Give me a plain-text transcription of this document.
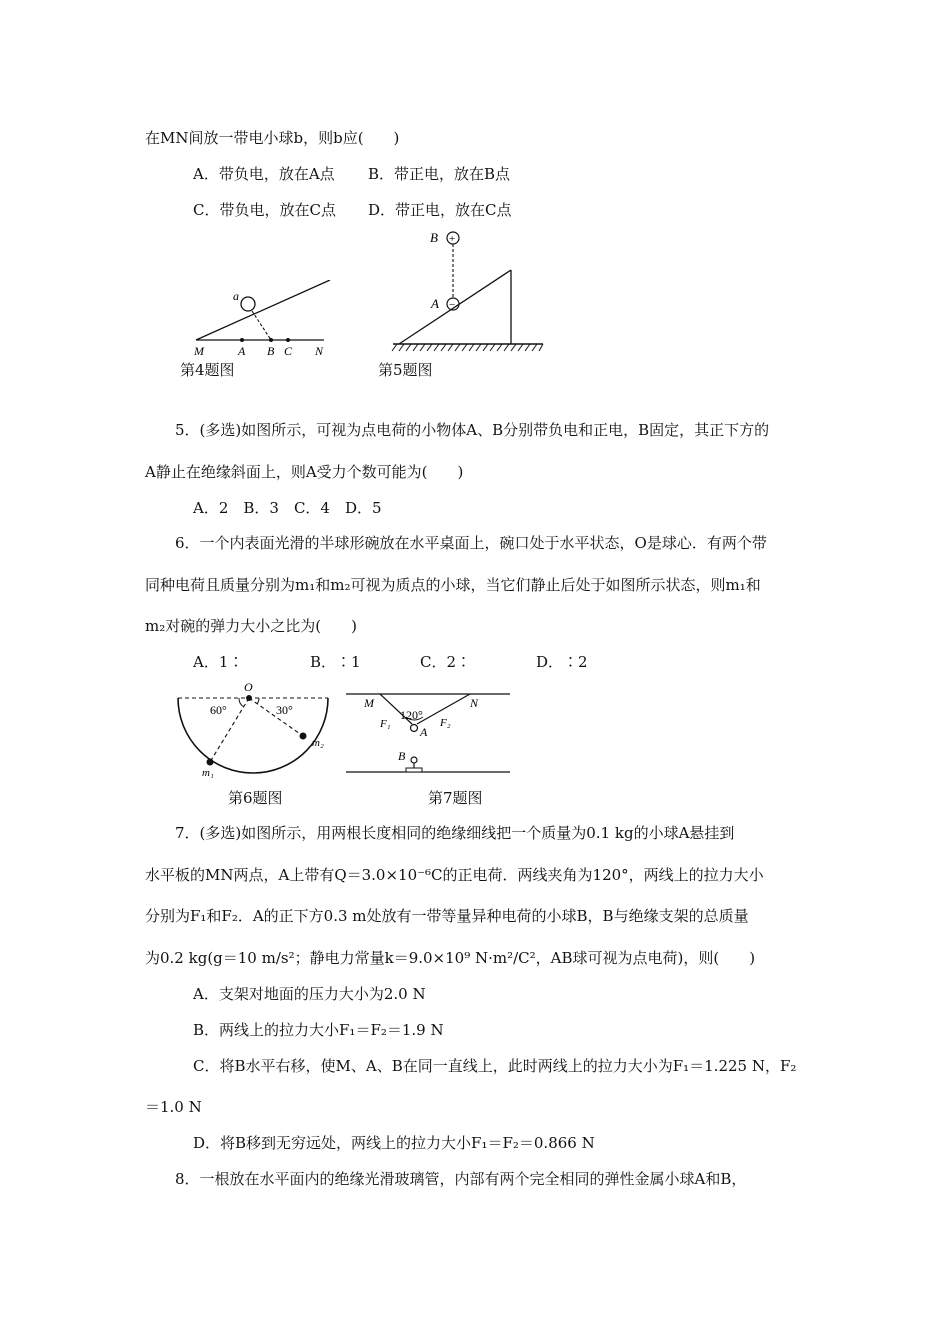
在MN间放一带电小球b，则b应(　　)
A．带负电，放在A点 B．带正电，放在B点
C．带负电，放在C点 D．带正电，放在C点
a
M	A B C N
第4题图
+
−
B
A
第5题图
5．(多选)如图所示，可视为点电荷的小物体A、B分别带负电和正电，B固定，其正下方的
A静止在绝缘斜面上，则A受力个数可能为(　　)
A．2　B．3　C．4　D．5
6．一个内表面光滑的半球形碗放在水平桌面上，碗口处于水平状态，O是球心．有两个带
同种电荷且质量分别为m₁和m₂可视为质点的小球，当它们静止后处于如图所示状态，则m₁和
m₂对碗的弹力大小之比为(　　)
A．1∶	B．∶1	C．2∶	D．∶2
O
60°	30°
m₁
m₂
第6题图
M	N
120°
F₁	F₂
A
B
第7题图
7．(多选)如图所示，用两根长度相同的绝缘细线把一个质量为0.1 kg的小球A悬挂到
水平板的MN两点，A上带有Q＝3.0×10⁻⁶C的正电荷．两线夹角为120°，两线上的拉力大小
分别为F₁和F₂．A的正下方0.3 m处放有一带等量异种电荷的小球B，B与绝缘支架的总质量
为0.2 kg(g＝10 m/s²；静电力常量k＝9.0×10⁹ N·m²/C²，AB球可视为点电荷)，则(　　)
A．支架对地面的压力大小为2.0 N
B．两线上的拉力大小F₁＝F₂＝1.9 N
C．将B水平右移，使M、A、B在同一直线上，此时两线上的拉力大小为F₁＝1.225 N，F₂
＝1.0 N
D．将B移到无穷远处，两线上的拉力大小F₁＝F₂＝0.866 N
8．一根放在水平面内的绝缘光滑玻璃管，内部有两个完全相同的弹性金属小球A和B，
